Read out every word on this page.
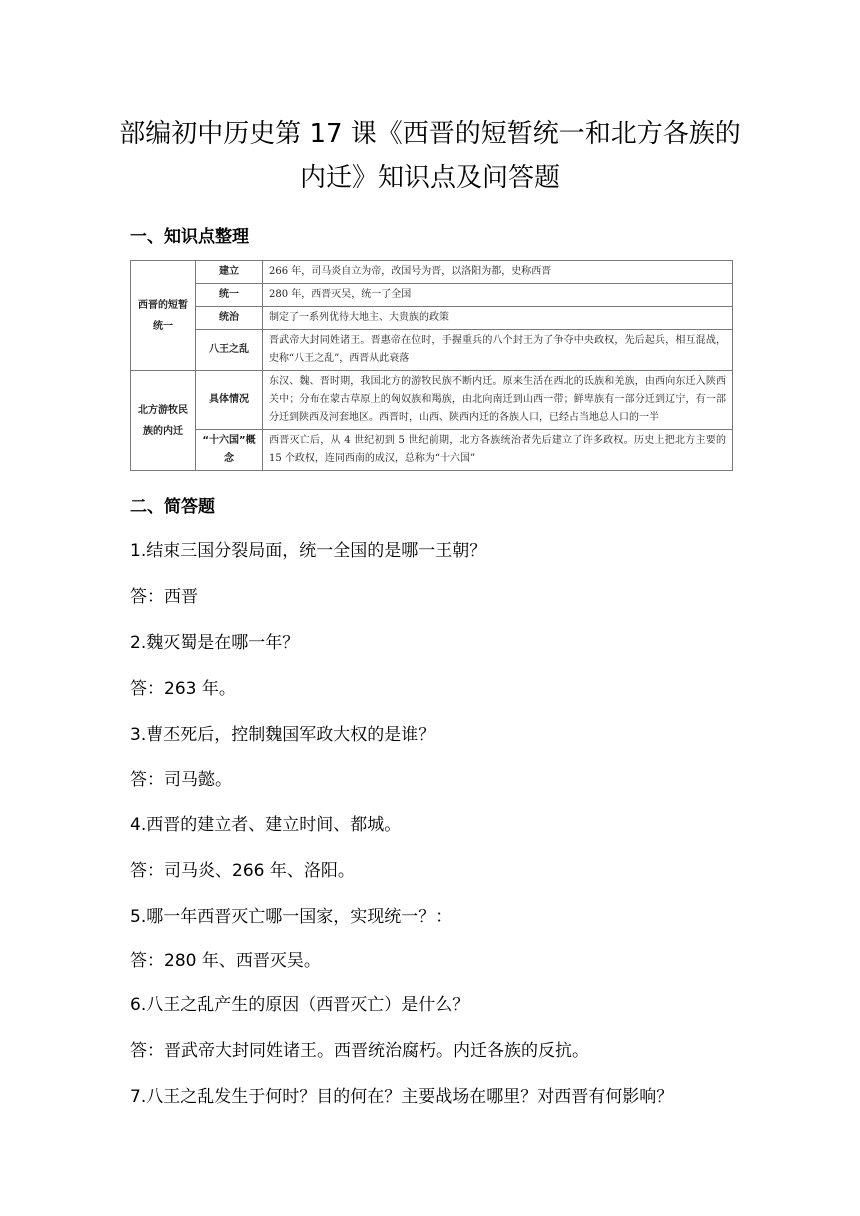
部编初中历史第 17 课《西晋的短暂统一和北方各族的
内迁》知识点及问答题
一、知识点整理
西晋的短暂统一	建立	266 年，司马炎自立为帝，改国号为晋，以洛阳为都，史称西晋
	统一	280 年，西晋灭吴，统一了全国
	统治	制定了一系列优待大地主、大贵族的政策
	八王之乱	晋武帝大封同姓诸王。晋惠帝在位时，手握重兵的八个封王为了争夺中央政权，先后起兵，相互混战，史称“八王之乱”，西晋从此衰落
北方游牧民族的内迁	具体情况	东汉、魏、晋时期，我国北方的游牧民族不断内迁。原来生活在西北的氐族和羌族，由西向东迁入陕西关中；分布在蒙古草原上的匈奴族和羯族，由北向南迁到山西一带；鲜卑族有一部分迁到辽宁，有一部分迁到陕西及河套地区。西晋时，山西、陕西内迁的各族人口，已经占当地总人口的一半
	“十六国”概念	西晋灭亡后，从 4 世纪初到 5 世纪前期，北方各族统治者先后建立了许多政权。历史上把北方主要的 15 个政权，连同西南的成汉，总称为“十六国”
二、简答题
1.结束三国分裂局面，统一全国的是哪一王朝？
答：西晋
2.魏灭蜀是在哪一年？
答：263 年。
3.曹丕死后，控制魏国军政大权的是谁？
答：司马懿。
4.西晋的建立者、建立时间、都城。
答：司马炎、266 年、洛阳。
5.哪一年西晋灭亡哪一国家，实现统一？：
答：280 年、西晋灭吴。
6.八王之乱产生的原因（西晋灭亡）是什么？
答：晋武帝大封同姓诸王。西晋统治腐朽。内迁各族的反抗。
7.八王之乱发生于何时？目的何在？主要战场在哪里？对西晋有何影响？
